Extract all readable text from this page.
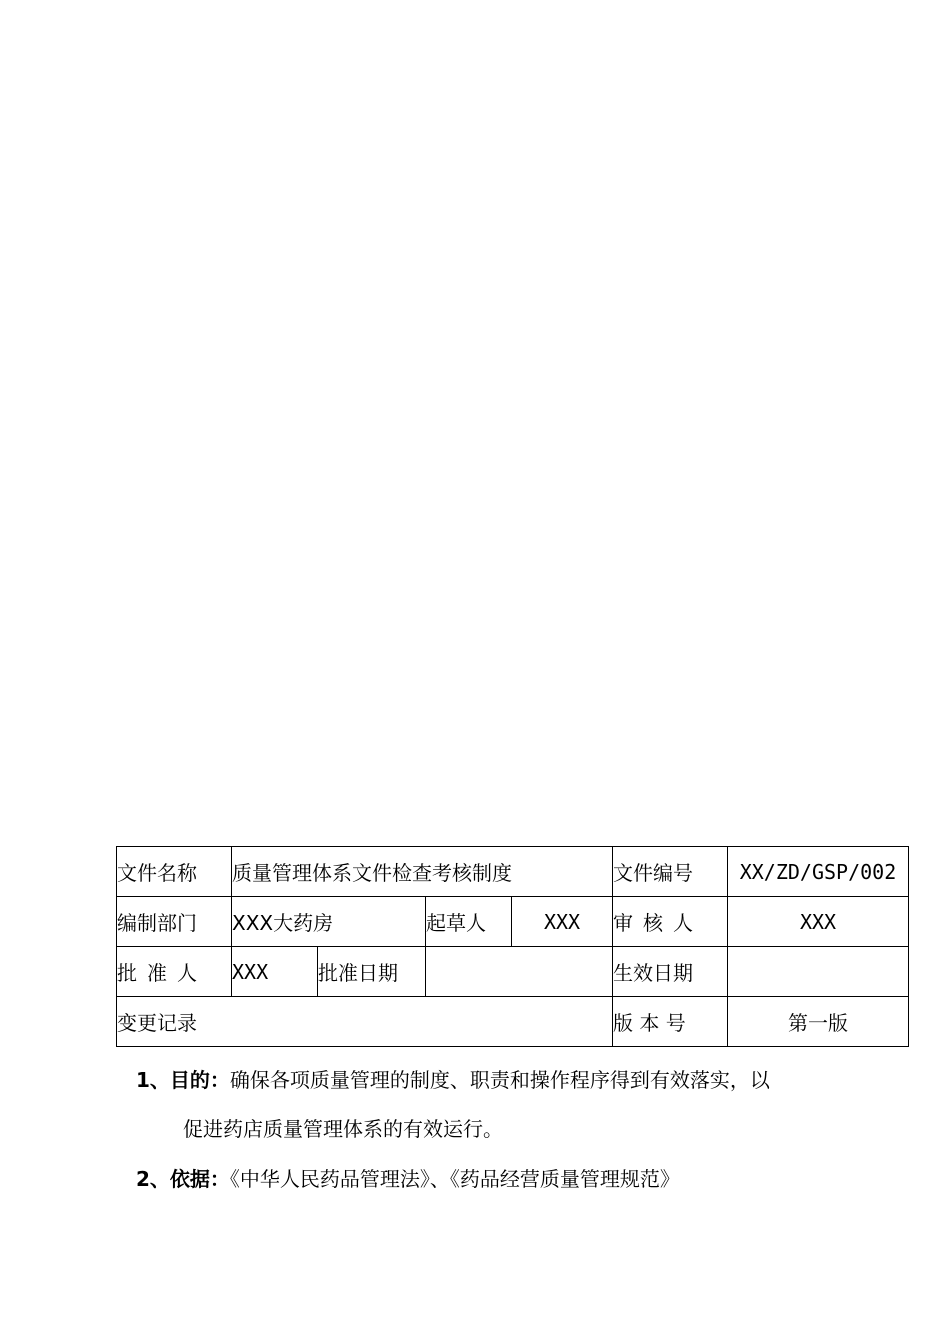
文件名称	质量管理体系文件检查考核制度				文件编号	XX/ZD/GSP/002
编制部门	XXX大药房		起草人	XXX	审核人	XXX
批准人	XXX	批准日期			生效日期	
变更记录					版 本 号	第一版
1、目的：确保各项质量管理的制度、职责和操作程序得到有效落实，以
促进药店质量管理体系的有效运行。
2、依据：《中华人民药品管理法》、《药品经营质量管理规范》
